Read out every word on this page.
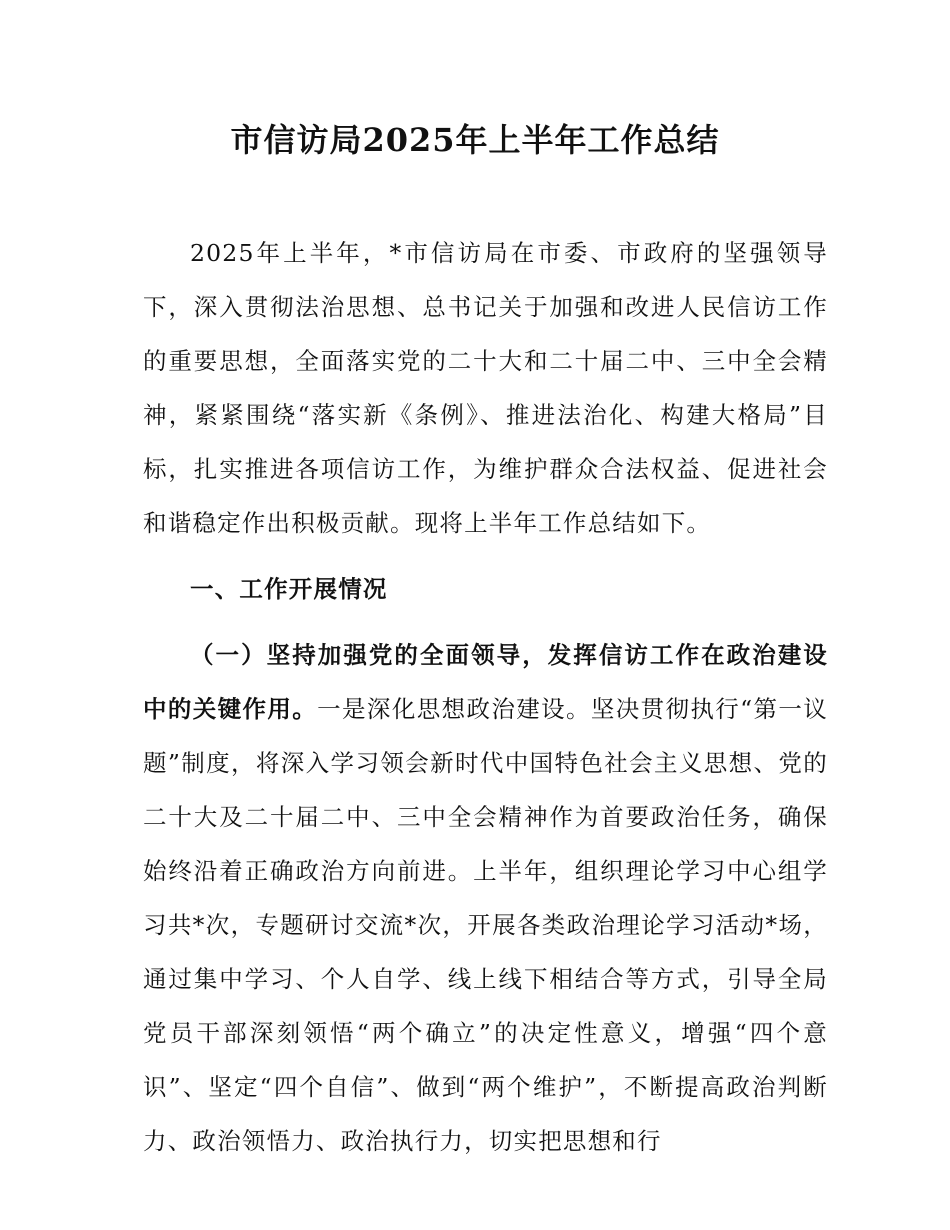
市信访局2025年上半年工作总结

2025年上半年，*市信访局在市委、市政府的坚强领导下，深入贯彻法治思想、总书记关于加强和改进人民信访工作的重要思想，全面落实党的二十大和二十届二中、三中全会精神，紧紧围绕“落实新《条例》、推进法治化、构建大格局”目标，扎实推进各项信访工作，为维护群众合法权益、促进社会和谐稳定作出积极贡献。现将上半年工作总结如下。

一、工作开展情况

（一）坚持加强党的全面领导，发挥信访工作在政治建设中的关键作用。一是深化思想政治建设。坚决贯彻执行“第一议题”制度，将深入学习领会新时代中国特色社会主义思想、党的二十大及二十届二中、三中全会精神作为首要政治任务，确保始终沿着正确政治方向前进。上半年，组织理论学习中心组学习共*次，专题研讨交流*次，开展各类政治理论学习活动*场，通过集中学习、个人自学、线上线下相结合等方式，引导全局党员干部深刻领悟“两个确立”的决定性意义，增强“四个意识”、坚定“四个自信”、做到“两个维护”，不断提高政治判断力、政治领悟力、政治执行力，切实把思想和行
